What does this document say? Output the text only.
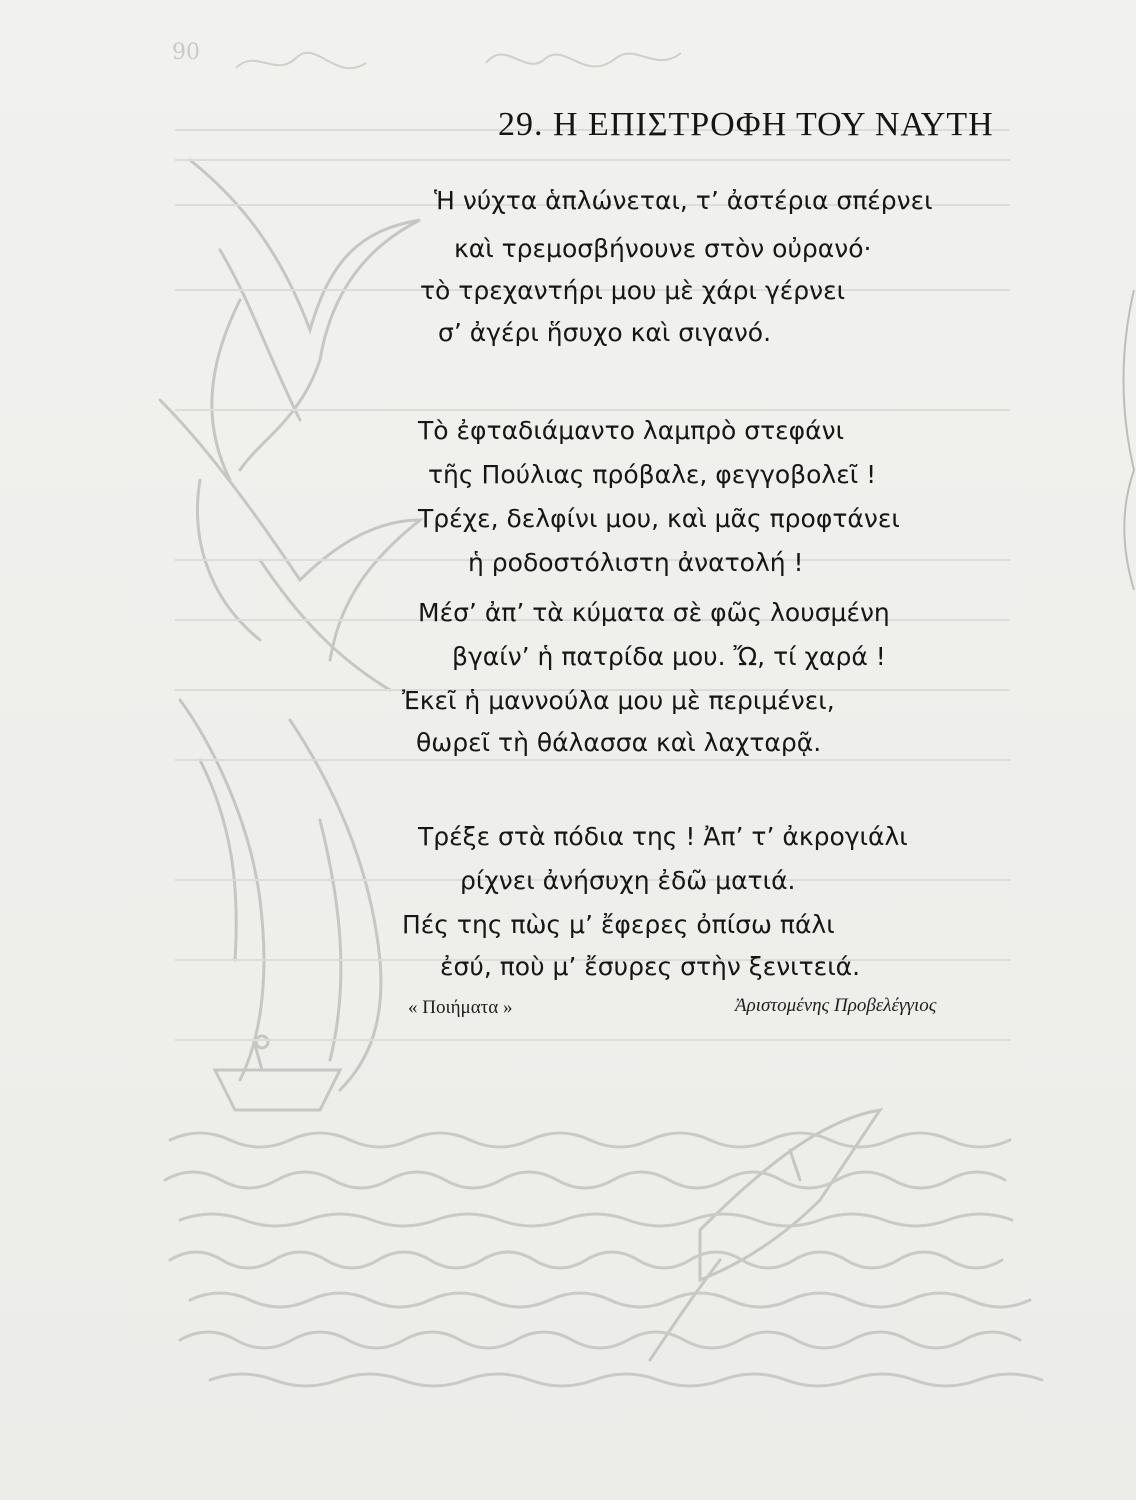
90
29. Η ΕΠΙΣΤΡΟΦΗ ΤΟΥ ΝΑΥΤΗ
Ἡ νύχτα ἁπλώνεται, τ’ ἀστέρια σπέρνει
καὶ τρεμοσβήνουνε στὸν οὐρανό·
τὸ τρεχαντήρι μου μὲ χάρι γέρνει
σ’ ἀγέρι ἥσυχο καὶ σιγανό.
Τὸ ἐφταδιάμαντο λαμπρὸ στεφάνι
τῆς Πούλιας πρόβαλε, φεγγοβολεῖ !
Τρέχε, δελφίνι μου, καὶ μᾶς προφτάνει
ἡ ροδοστόλιστη ἀνατολή !
Μέσ’ ἀπ’ τὰ κύματα σὲ φῶς λουσμένη
βγαίν’ ἡ πατρίδα μου. Ὤ, τί χαρά !
Ἐκεῖ ἡ μαννούλα μου μὲ περιμένει,
θωρεῖ τὴ θάλασσα καὶ λαχταρᾷ.
Τρέξε στὰ πόδια της ! Ἀπ’ τ’ ἀκρογιάλι
ρίχνει ἀνήσυχη ἐδῶ ματιά.
Πές της πὼς μ’ ἔφερες ὀπίσω πάλι
ἐσύ, ποὺ μ’ ἔσυρες στὴν ξενιτειά.
« Ποιήματα »	Ἀριστομένης Προβελέγγιος
